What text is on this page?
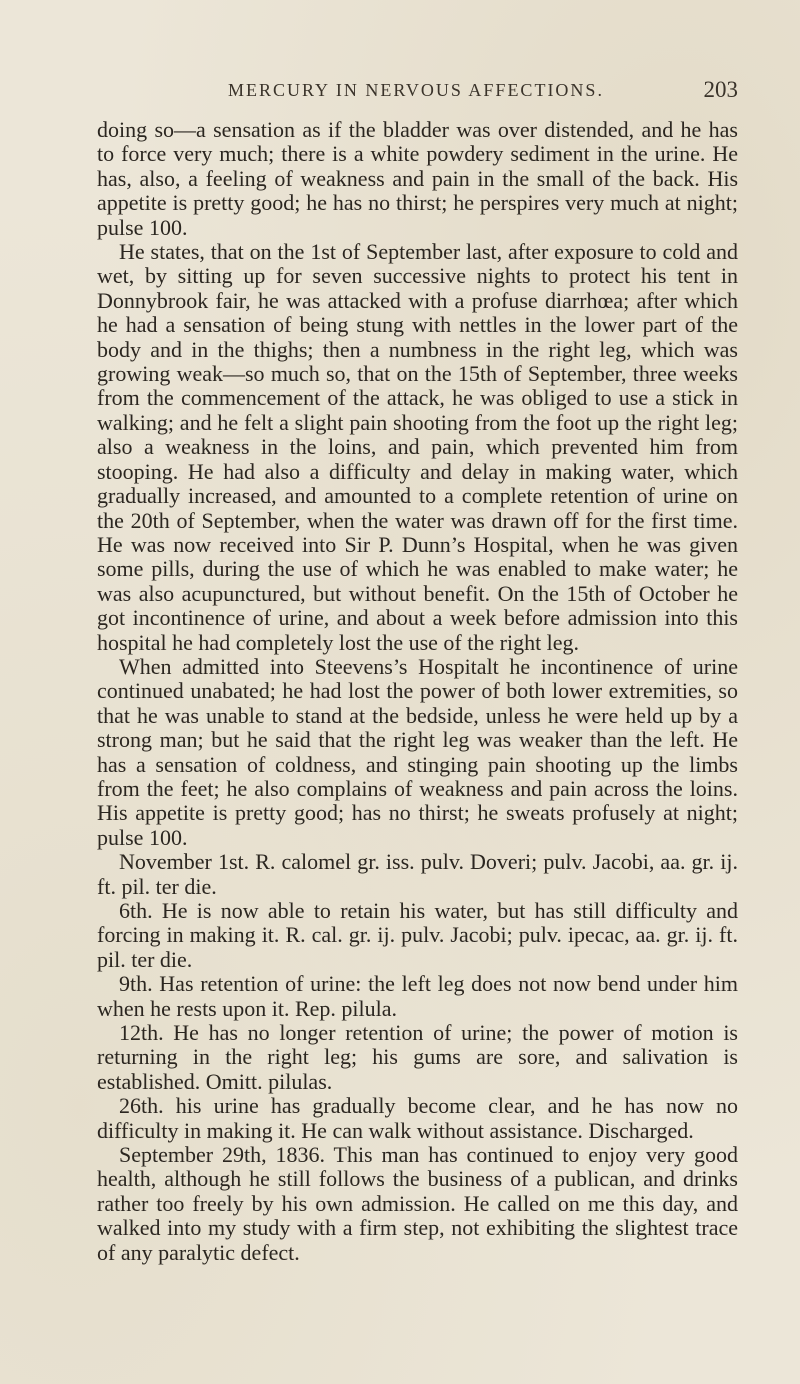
MERCURY IN NERVOUS AFFECTIONS.	203

doing so—a sensation as if the bladder was over distended, and he has to force very much; there is a white powdery sediment in the urine. He has, also, a feeling of weakness and pain in the small of the back. His appetite is pretty good; he has no thirst; he perspires very much at night; pulse 100.

He states, that on the 1st of September last, after exposure to cold and wet, by sitting up for seven successive nights to protect his tent in Donnybrook fair, he was attacked with a profuse diarrhœa; after which he had a sensation of being stung with nettles in the lower part of the body and in the thighs; then a numbness in the right leg, which was growing weak—so much so, that on the 15th of September, three weeks from the commencement of the attack, he was obliged to use a stick in walking; and he felt a slight pain shooting from the foot up the right leg; also a weakness in the loins, and pain, which prevented him from stooping. He had also a difficulty and delay in making water, which gradually increased, and amounted to a complete retention of urine on the 20th of September, when the water was drawn off for the first time. He was now received into Sir P. Dunn’s Hospital, when he was given some pills, during the use of which he was enabled to make water; he was also acupunctured, but without benefit. On the 15th of October he got incontinence of urine, and about a week before admission into this hospital he had completely lost the use of the right leg.

When admitted into Steevens’s Hospitalt he incontinence of urine continued unabated; he had lost the power of both lower extremities, so that he was unable to stand at the bedside, unless he were held up by a strong man; but he said that the right leg was weaker than the left. He has a sensation of coldness, and stinging pain shooting up the limbs from the feet; he also complains of weakness and pain across the loins. His appetite is pretty good; has no thirst; he sweats profusely at night; pulse 100.

November 1st. R. calomel gr. iss. pulv. Doveri; pulv. Jacobi, aa. gr. ij. ft. pil. ter die.

6th. He is now able to retain his water, but has still difficulty and forcing in making it. R. cal. gr. ij. pulv. Jacobi; pulv. ipecac, aa. gr. ij. ft. pil. ter die.

9th. Has retention of urine: the left leg does not now bend under him when he rests upon it. Rep. pilula.

12th. He has no longer retention of urine; the power of motion is returning in the right leg; his gums are sore, and salivation is established. Omitt. pilulas.

26th. his urine has gradually become clear, and he has now no difficulty in making it. He can walk without assistance. Discharged.

September 29th, 1836. This man has continued to enjoy very good health, although he still follows the business of a publican, and drinks rather too freely by his own admission. He called on me this day, and walked into my study with a firm step, not exhibiting the slightest trace of any paralytic defect.
